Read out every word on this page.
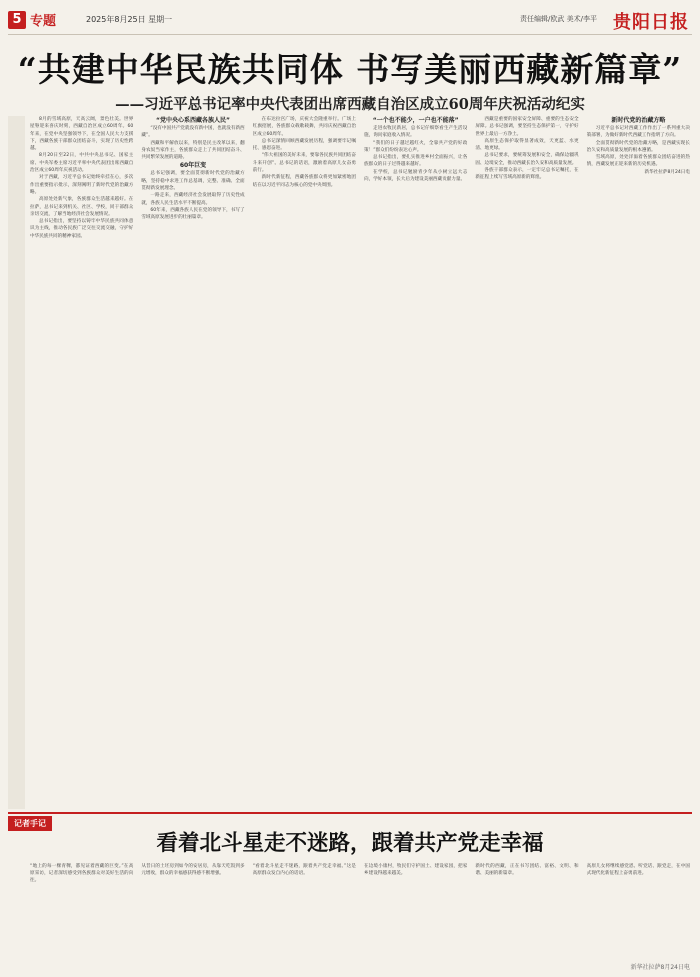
5 专题	2025年8月25日 星期一	责任编辑/欧武 美术/李平 贵阳日报
“共建中华民族共同体 书写美丽西藏新篇章”
——习近平总书记率中央代表团出席西藏自治区成立60周年庆祝活动纪实

8月的雪域高原，天高云阔，景色壮美。世界屋脊迎来喜庆时刻，西藏自治区成立60周年。60年来，在党中央坚强领导下，在全国人民大力支援下，西藏各族干部群众团结奋斗，实现了历史性跨越。

8月20日至22日，中共中央总书记、国家主席、中央军委主席习近平率中央代表团出席西藏自治区成立60周年庆祝活动。

对于西藏，习近平总书记始终牵挂在心，多次作出重要指示批示，深刻阐明了新时代党的治藏方略。

高原处处新气象，各族群众生活越来越好。在拉萨，总书记来到机关、社区、学校，同干部群众亲切交流，了解当地经济社会发展情况。

总书记指出，要坚持以铸牢中华民族共同体意识为主线，推动各民族广泛交往交流交融，守护好中华民族共同的精神家园。

“党中央心系西藏各族人民”

“没有中国共产党就没有新中国，也就没有新西藏”。

西藏和平解放以来，特别是民主改革以来，翻身农奴当家作主，各族群众走上了共同团结奋斗、共同繁荣发展的道路。

60年巨变

总书记强调，要全面贯彻新时代党的治藏方略，坚持稳中求进工作总基调，完整、准确、全面贯彻新发展理念。

一路走来，西藏经济社会发展取得了历史性成就，各族人民生活水平不断提高。

60年来，西藏各族人民在党的领导下，书写了雪域高原发展进步的壮丽篇章。

在布达拉宫广场，庆祝大会隆重举行。广场上红旗招展，各族群众载歌载舞，共同庆祝西藏自治区成立60周年。

总书记深情回顾西藏发展历程，强调要牢记嘱托、感恩奋进。

“伟大祖国的美好未来，要靠各民族共同团结奋斗来开创”。总书记的话语，激励着高原儿女奋勇前行。

新时代新征程，西藏各族群众将更加紧密地团结在以习近平同志为核心的党中央周围。

“一个也不能少，一户也不能落”

走进农牧民新居，总书记仔细察看生产生活设施，询问家庭收入情况。

“我们的日子越过越红火，全靠共产党的好政策！”群众们纷纷表达心声。

总书记指出，要扎实推进乡村全面振兴，让各族群众的日子过得越来越好。

在学校，总书记勉励青少年从小树立远大志向，学好本领，长大后为建设美丽西藏贡献力量。

西藏是重要的国家安全屏障、重要的生态安全屏障。总书记强调，要坚持生态保护第一，守护好世界上最后一方净土。

高原生态保护取得显著成效，天更蓝、水更清、地更绿。

总书记要求，要统筹发展和安全，确保边疆巩固、边境安全，推动西藏长治久安和高质量发展。

各族干部群众表示，一定牢记总书记嘱托，在新征程上续写雪域高原新的辉煌。

新时代党的治藏方略

习近平总书记对西藏工作作出了一系列重大决策部署，为做好新时代西藏工作指明了方向。

全面贯彻新时代党的治藏方略，是西藏实现长治久安和高质量发展的根本遵循。

雪域高原，处处洋溢着各族群众团结奋进的热情，西藏发展正迎来新的历史机遇。

新华社拉萨8月24日电

记者手记
看着北斗星走不迷路，跟着共产党走幸福

“地上的每一棵青稞，都见证着西藏的巨变。”在高原采访，记者深切感受到各族群众对美好生活的向往。

从昔日的土坯房到如今的安居房，从靠天吃饭到多元增收，群众的幸福感获得感不断增强。

“看着北斗星走不迷路，跟着共产党走幸福。”这是高原群众发自内心的话语。

在边境小康村，牧民们守护国土、建设家园，把家乡建设得越来越美。

新时代的西藏，正在书写团结、富裕、文明、和谐、美丽的新篇章。

高原儿女将继续感党恩、听党话、跟党走，在中国式现代化新征程上奋勇前进。

新华社拉萨8月24日电
